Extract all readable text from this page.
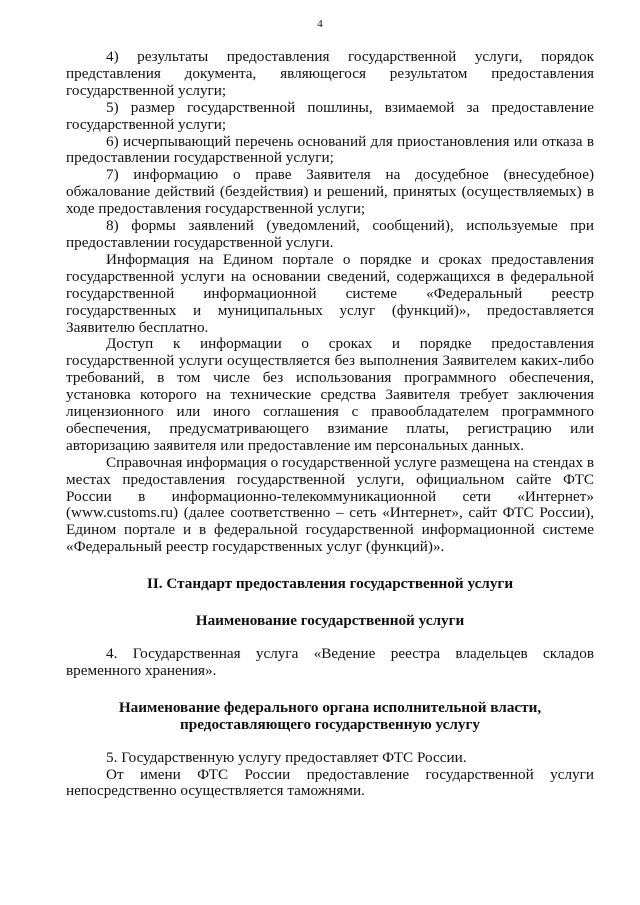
4

4) результаты предоставления государственной услуги, порядок представления документа, являющегося результатом предоставления государственной услуги;

5) размер государственной пошлины, взимаемой за предоставление государственной услуги;

6) исчерпывающий перечень оснований для приостановления или отказа в предоставлении государственной услуги;

7) информацию о праве Заявителя на досудебное (внесудебное) обжалование действий (бездействия) и решений, принятых (осуществляемых) в ходе предоставления государственной услуги;

8) формы заявлений (уведомлений, сообщений), используемые при предоставлении государственной услуги.

Информация на Едином портале о порядке и сроках предоставления государственной услуги на основании сведений, содержащихся в федеральной государственной информационной системе «Федеральный реестр государственных и муниципальных услуг (функций)», предоставляется Заявителю бесплатно.

Доступ к информации о сроках и порядке предоставления государственной услуги осуществляется без выполнения Заявителем каких-либо требований, в том числе без использования программного обеспечения, установка которого на технические средства Заявителя требует заключения лицензионного или иного соглашения с правообладателем программного обеспечения, предусматривающего взимание платы, регистрацию или авторизацию заявителя или предоставление им персональных данных.

Справочная информация о государственной услуге размещена на стендах в местах предоставления государственной услуги, официальном сайте ФТС России в информационно-телекоммуникационной сети «Интернет» (www.customs.ru) (далее соответственно – сеть «Интернет», сайт ФТС России), Едином портале и в федеральной государственной информационной системе «Федеральный реестр государственных услуг (функций)».

II. Стандарт предоставления государственной услуги

Наименование государственной услуги

4. Государственная услуга «Ведение реестра владельцев складов временного хранения».

Наименование федерального органа исполнительной власти,

предоставляющего государственную услугу

5. Государственную услугу предоставляет ФТС России.

От имени ФТС России предоставление государственной услуги непосредственно осуществляется таможнями.
